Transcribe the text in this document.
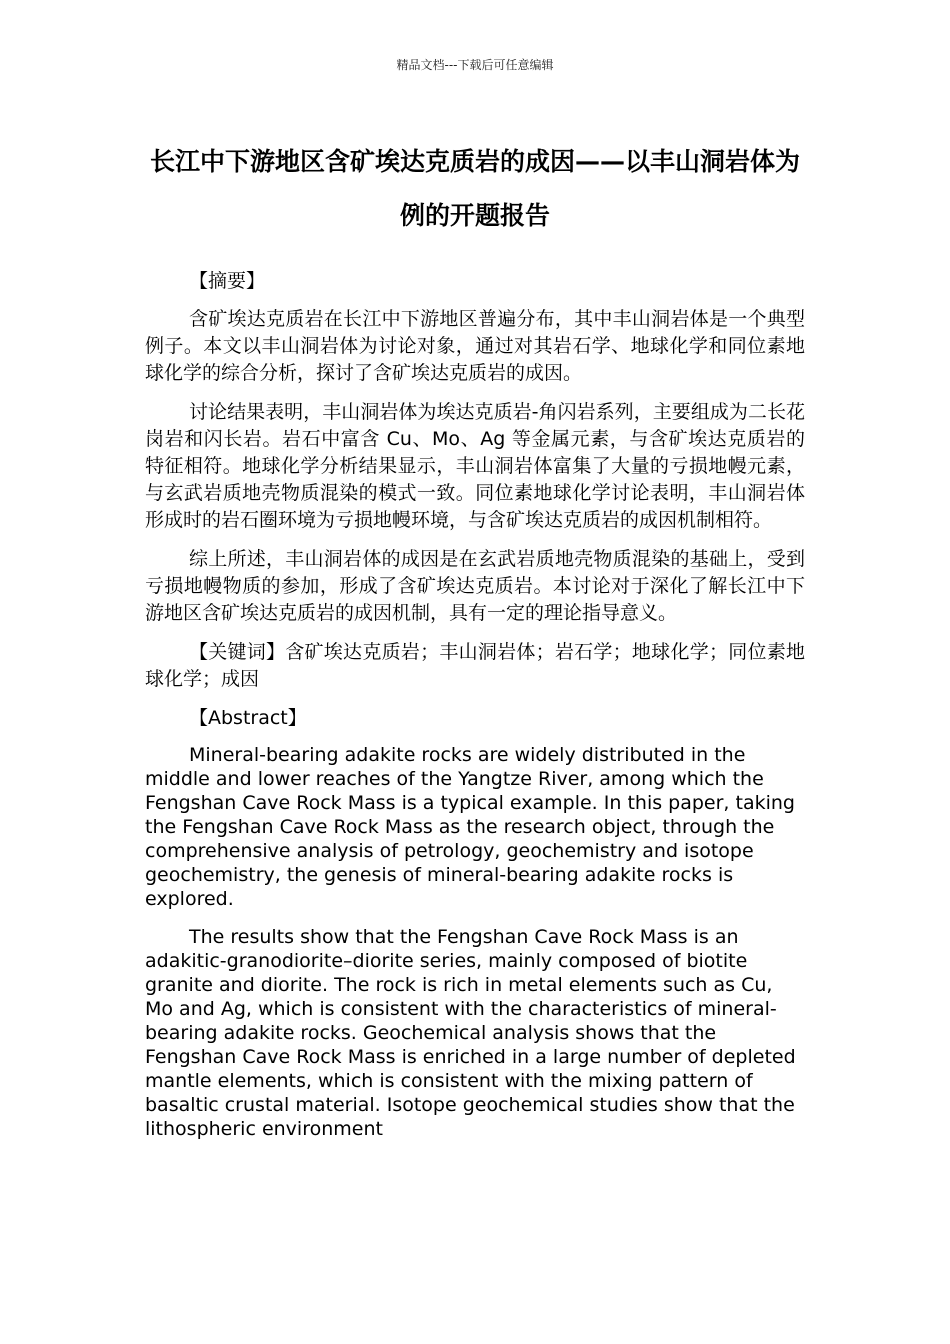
精品文档---下载后可任意编辑
长江中下游地区含矿埃达克质岩的成因——以丰山洞岩体为例的开题报告
【摘要】

含矿埃达克质岩在长江中下游地区普遍分布，其中丰山洞岩体是一个典型例子。本文以丰山洞岩体为讨论对象，通过对其岩石学、地球化学和同位素地球化学的综合分析，探讨了含矿埃达克质岩的成因。

讨论结果表明，丰山洞岩体为埃达克质岩-角闪岩系列，主要组成为二长花岗岩和闪长岩。岩石中富含 Cu、Mo、Ag 等金属元素，与含矿埃达克质岩的特征相符。地球化学分析结果显示，丰山洞岩体富集了大量的亏损地幔元素，与玄武岩质地壳物质混染的模式一致。同位素地球化学讨论表明，丰山洞岩体形成时的岩石圈环境为亏损地幔环境，与含矿埃达克质岩的成因机制相符。

综上所述，丰山洞岩体的成因是在玄武岩质地壳物质混染的基础上，受到亏损地幔物质的参加，形成了含矿埃达克质岩。本讨论对于深化了解长江中下游地区含矿埃达克质岩的成因机制，具有一定的理论指导意义。

【关键词】含矿埃达克质岩；丰山洞岩体；岩石学；地球化学；同位素地球化学；成因

【Abstract】

Mineral-bearing adakite rocks are widely distributed in the middle and lower reaches of the Yangtze River, among which the Fengshan Cave Rock Mass is a typical example. In this paper, taking the Fengshan Cave Rock Mass as the research object, through the comprehensive analysis of petrology, geochemistry and isotope geochemistry, the genesis of mineral-bearing adakite rocks is explored.

The results show that the Fengshan Cave Rock Mass is an adakitic-granodiorite–diorite series, mainly composed of biotite granite and diorite. The rock is rich in metal elements such as Cu, Mo and Ag, which is consistent with the characteristics of mineral-bearing adakite rocks. Geochemical analysis shows that the Fengshan Cave Rock Mass is enriched in a large number of depleted mantle elements, which is consistent with the mixing pattern of basaltic crustal material. Isotope geochemical studies show that the lithospheric environment
